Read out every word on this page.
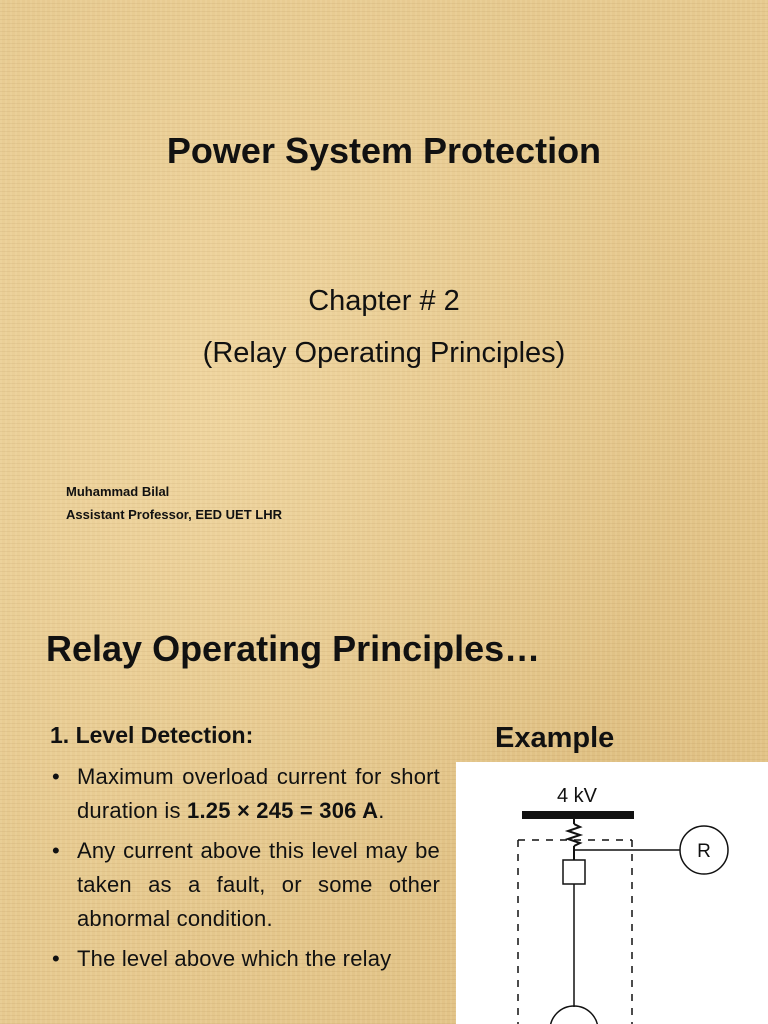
Power System Protection
Chapter # 2
(Relay Operating Principles)
Muhammad Bilal
Assistant Professor, EED UET LHR
Relay Operating Principles…
1. Level Detection:	Example
• Maximum overload current for short duration is 1.25 × 245 = 306 A.
• Any current above this level may be taken as a fault, or some other abnormal condition.
• The level above which the relay
4 kV
R
